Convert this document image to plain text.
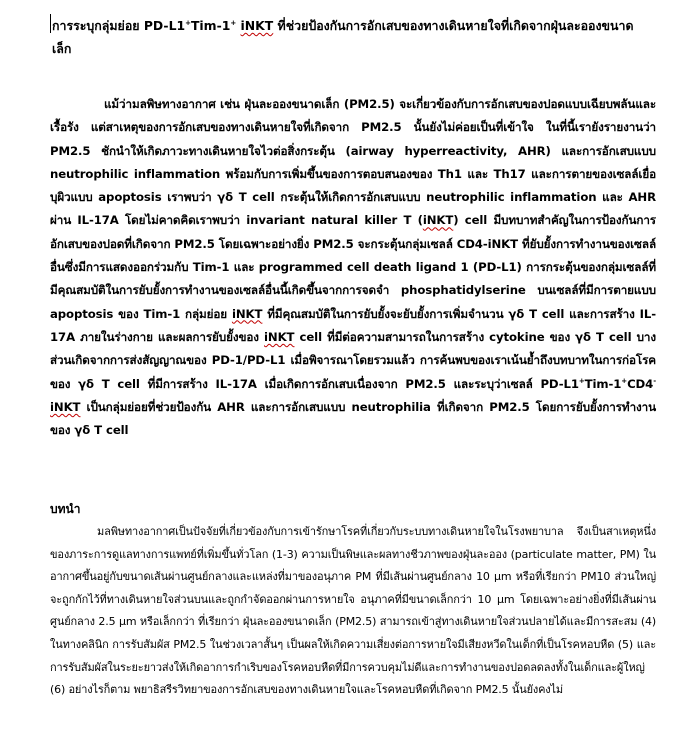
การระบุกลุ่มย่อย PD-L1+Tim-1+ iNKT ที่ช่วยป้องกันการอักเสบของทางเดินหายใจที่เกิดจากฝุ่นละอองขนาดเล็ก

แม้ว่ามลพิษทางอากาศ เช่น ฝุ่นละอองขนาดเล็ก (PM2.5) จะเกี่ยวข้องกับการอักเสบของปอดแบบเฉียบพลันและเรื้อรัง แต่สาเหตุของการอักเสบของทางเดินหายใจที่เกิดจาก PM2.5 นั้นยังไม่ค่อยเป็นที่เข้าใจ ในที่นี้เรายังรายงานว่า PM2.5 ชักนำให้เกิดภาวะทางเดินหายใจไวต่อสิ่งกระตุ้น (airway hyperreactivity, AHR) และการอักเสบแบบ neutrophilic inflammation พร้อมกับการเพิ่มขึ้นของการตอบสนองของ Th1 และ Th17 และการตายของเซลล์เยื่อบุผิวแบบ apoptosis เราพบว่า γδ T cell กระตุ้นให้เกิดการอักเสบแบบ neutrophilic inflammation และ AHR ผ่าน IL-17A โดยไม่คาดคิดเราพบว่า invariant natural killer T (iNKT) cell มีบทบาทสำคัญในการป้องกันการอักเสบของปอดที่เกิดจาก PM2.5 โดยเฉพาะอย่างยิ่ง PM2.5 จะกระตุ้นกลุ่มเซลล์ CD4-iNKT ที่ยับยั้งการทำงานของเซลล์อื่นซึ่งมีการแสดงออกร่วมกับ Tim-1 และ programmed cell death ligand 1 (PD-L1) การกระตุ้นของกลุ่มเซลล์ที่มีคุณสมบัติในการยับยั้งการทำงานของเซลล์อื่นนี้เกิดขึ้นจากการจดจำ phosphatidylserine บนเซลล์ที่มีการตายแบบ apoptosis ของ Tim-1 กลุ่มย่อย iNKT ที่มีคุณสมบัติในการยับยั้งจะยับยั้งการเพิ่มจำนวน γδ T cell และการสร้าง IL-17A ภายในร่างกาย และผลการยับยั้งของ iNKT cell ที่มีต่อความสามารถในการสร้าง cytokine ของ γδ T cell บางส่วนเกิดจากการส่งสัญญาณของ PD-1/PD-L1 เมื่อพิจารณาโดยรวมแล้ว การค้นพบของเราเน้นย้ำถึงบทบาทในการก่อโรคของ γδ T cell ที่มีการสร้าง IL-17A เมื่อเกิดการอักเสบเนื่องจาก PM2.5 และระบุว่าเซลล์ PD-L1+Tim-1+CD4- iNKT เป็นกลุ่มย่อยที่ช่วยป้องกัน AHR และการอักเสบแบบ neutrophilia ที่เกิดจาก PM2.5 โดยการยับยั้งการทำงานของ γδ T cell

บทนำ

มลพิษทางอากาศเป็นปัจจัยที่เกี่ยวข้องกับการเข้ารักษาโรคที่เกี่ยวกับระบบทางเดินหายใจในโรงพยาบาล จึงเป็นสาเหตุหนึ่งของภาระการดูแลทางการแพทย์ที่เพิ่มขึ้นทั่วโลก (1-3) ความเป็นพิษและผลทางชีวภาพของฝุ่นละออง (particulate matter, PM) ในอากาศขึ้นอยู่กับขนาดเส้นผ่านศูนย์กลางและแหล่งที่มาของอนุภาค PM ที่มีเส้นผ่านศูนย์กลาง 10 μm หรือที่เรียกว่า PM10 ส่วนใหญ่จะถูกกักไว้ที่ทางเดินหายใจส่วนบนและถูกกำจัดออกผ่านการหายใจ อนุภาคที่มีขนาดเล็กกว่า 10 μm โดยเฉพาะอย่างยิ่งที่มีเส้นผ่านศูนย์กลาง 2.5 μm หรือเล็กกว่า ที่เรียกว่า ฝุ่นละอองขนาดเล็ก (PM2.5) สามารถเข้าสู่ทางเดินหายใจส่วนปลายได้และมีการสะสม (4) ในทางคลินิก การรับสัมผัส PM2.5 ในช่วงเวลาสั้นๆ เป็นผลให้เกิดความเสี่ยงต่อการหายใจมีเสียงหวีดในเด็กที่เป็นโรคหอบหืด (5) และการรับสัมผัสในระยะยาวส่งให้เกิดอาการกำเริบของโรคหอบหืดที่มีการควบคุมไม่ดีและการทำงานของปอดลดลงทั้งในเด็กและผู้ใหญ่ (6) อย่างไรก็ตาม พยาธิสรีรวิทยาของการอักเสบของทางเดินหายใจและโรคหอบหืดที่เกิดจาก PM2.5 นั้นยังคงไม่
